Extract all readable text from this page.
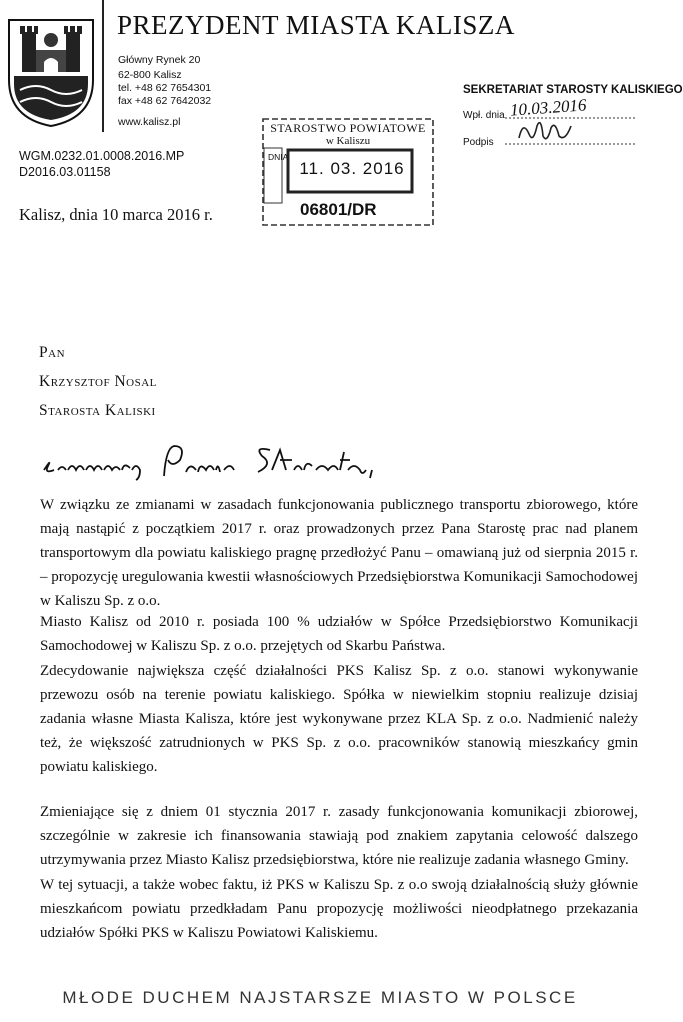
PREZYDENT MIASTA KALISZA
Główny Rynek 20
62-800 Kalisz
tel. +48 62 7654301
fax +48 62 7642032
www.kalisz.pl
WGM.0232.01.0008.2016.MP
D2016.03.01158
STAROSTWO POWIATOWE
w Kaliszu
DNIA
11. 03. 2016
06801/DR
SEKRETARIAT STAROSTY KALISKIEGO
Wpł. dnia 10.03.2016
Podpis
Kalisz, dnia 10 marca 2016 r.
Pan
Krzysztof Nosal
Starosta Kaliski
W związku ze zmianami w zasadach funkcjonowania publicznego transportu zbiorowego, które mają nastąpić z początkiem 2017 r. oraz prowadzonych przez Pana Starostę prac nad planem transportowym dla powiatu kaliskiego pragnę przedłożyć Panu – omawianą już od sierpnia 2015 r. – propozycję uregulowania kwestii własnościowych Przedsiębiorstwa Komunikacji Samochodowej w Kaliszu Sp. z o.o.
Miasto Kalisz od 2010 r. posiada 100 % udziałów w Spółce Przedsiębiorstwo Komunikacji Samochodowej w Kaliszu Sp. z o.o. przejętych od Skarbu Państwa.
Zdecydowanie największa część działalności PKS Kalisz Sp. z o.o. stanowi wykonywanie przewozu osób na terenie powiatu kaliskiego. Spółka w niewielkim stopniu realizuje dzisiaj zadania własne Miasta Kalisza, które jest wykonywane przez KLA Sp. z o.o. Nadmienić należy też, że większość zatrudnionych w PKS Sp. z o.o. pracowników stanowią mieszkańcy gmin powiatu kaliskiego.
Zmieniające się z dniem 01 stycznia 2017 r. zasady funkcjonowania komunikacji zbiorowej, szczególnie w zakresie ich finansowania stawiają pod znakiem zapytania celowość dalszego utrzymywania przez Miasto Kalisz przedsiębiorstwa, które nie realizuje zadania własnego Gminy.
W tej sytuacji, a także wobec faktu, iż PKS w Kaliszu Sp. z o.o swoją działalnością służy głównie mieszkańcom powiatu przedkładam Panu propozycję możliwości nieodpłatnego przekazania udziałów Spółki PKS w Kaliszu Powiatowi Kaliskiemu.
MŁODE DUCHEM NAJSTARSZE MIASTO W POLSCE
